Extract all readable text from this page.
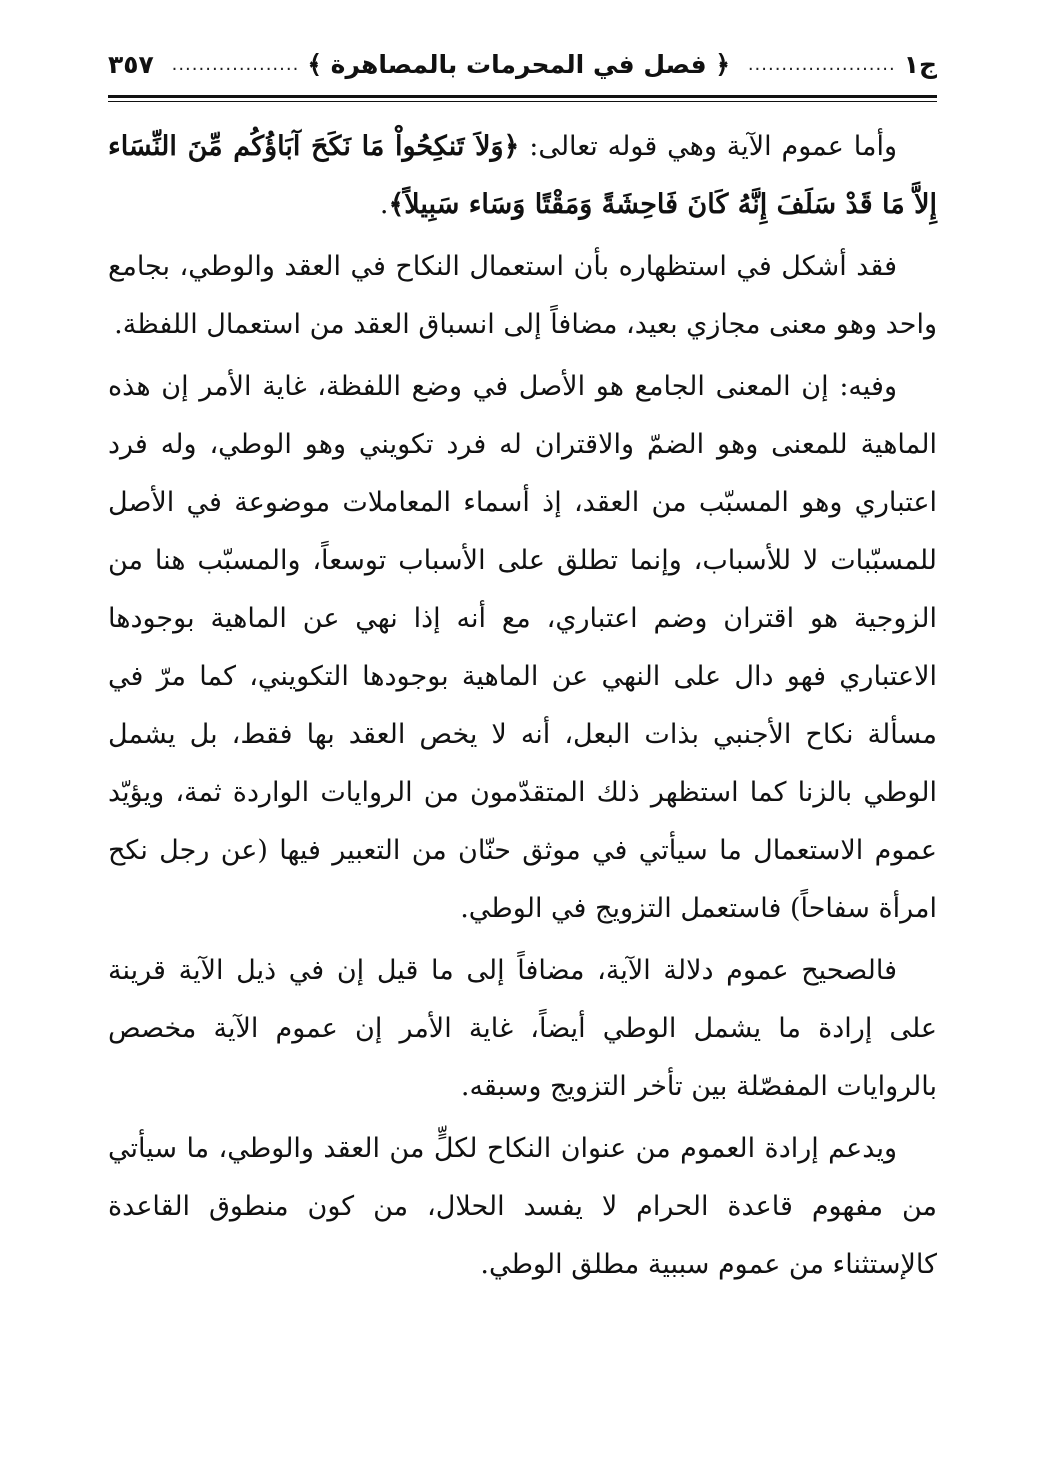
ج١
......................
﴿ فصل في المحرمات بالمصاهرة ﴾
...................
٣٥٧

وأما عموم الآية وهي قوله تعالى: ﴿وَلاَ تَنكِحُواْ مَا نَكَحَ آبَاؤُكُم مِّنَ النِّسَاء إِلاَّ مَا قَدْ سَلَفَ إِنَّهُ كَانَ فَاحِشَةً وَمَقْتًا وَسَاء سَبِيلاً﴾.

فقد أشكل في استظهاره بأن استعمال النكاح في العقد والوطي، بجامع واحد وهو معنى مجازي بعيد، مضافاً إلى انسباق العقد من استعمال اللفظة.

وفيه: إن المعنى الجامع هو الأصل في وضع اللفظة، غاية الأمر إن هذه الماهية للمعنى وهو الضمّ والاقتران له فرد تكويني وهو الوطي، وله فرد اعتباري وهو المسبّب من العقد، إذ أسماء المعاملات موضوعة في الأصل للمسبّبات لا للأسباب، وإنما تطلق على الأسباب توسعاً، والمسبّب هنا من الزوجية هو اقتران وضم اعتباري، مع أنه إذا نهي عن الماهية بوجودها الاعتباري فهو دال على النهي عن الماهية بوجودها التكويني، كما مرّ في مسألة نكاح الأجنبي بذات البعل، أنه لا يخص العقد بها فقط، بل يشمل الوطي بالزنا كما استظهر ذلك المتقدّمون من الروايات الواردة ثمة، ويؤيّد عموم الاستعمال ما سيأتي في موثق حنّان من التعبير فيها (عن رجل نكح امرأة سفاحاً) فاستعمل التزويج في الوطي.

فالصحيح عموم دلالة الآية، مضافاً إلى ما قيل إن في ذيل الآية قرينة على إرادة ما يشمل الوطي أيضاً، غاية الأمر إن عموم الآية مخصص بالروايات المفصّلة بين تأخر التزويج وسبقه.

ويدعم إرادة العموم من عنوان النكاح لكلٍّ من العقد والوطي، ما سيأتي من مفهوم قاعدة الحرام لا يفسد الحلال، من كون منطوق القاعدة كالإستثناء من عموم سببية مطلق الوطي.
